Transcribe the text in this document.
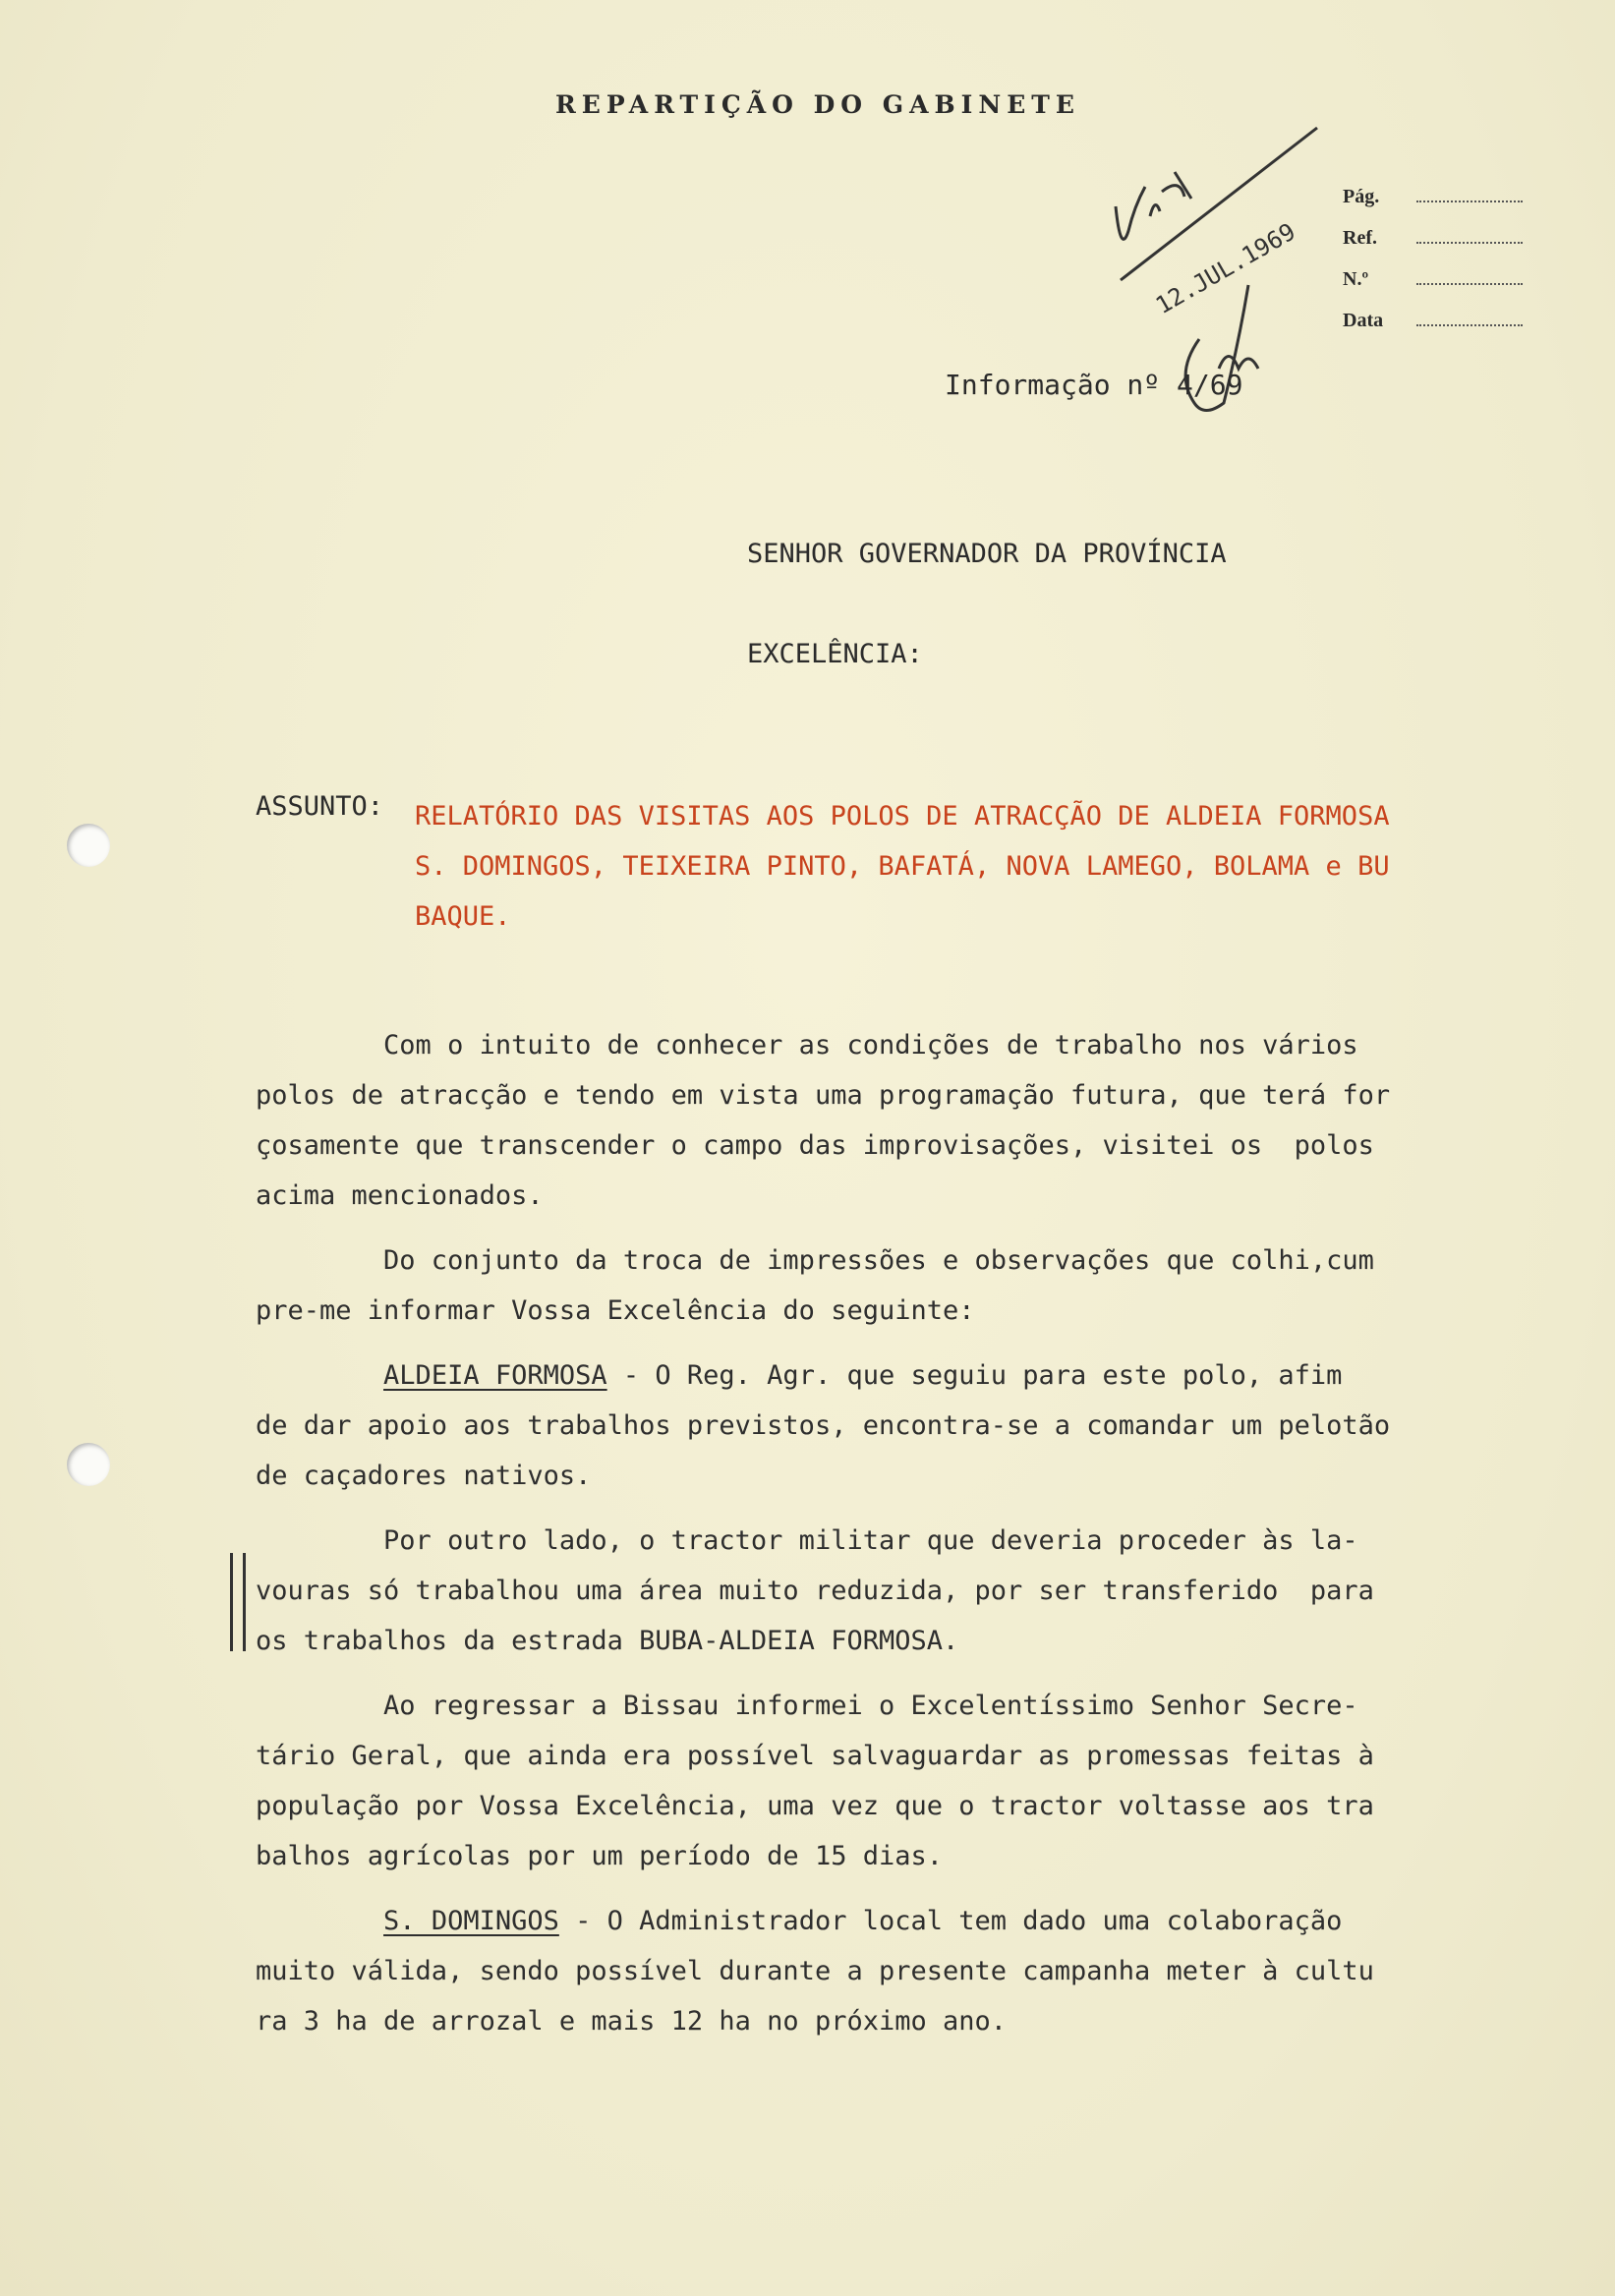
REPARTIÇÃO DO GABINETE
Pág.
Ref.
N.º
Data
12.JUL.1969
Informação nº 4/69
SENHOR GOVERNADOR DA PROVÍNCIA
EXCELÊNCIA:
ASSUNTO: RELATÓRIO DAS VISITAS AOS POLOS DE ATRACÇÃO DE ALDEIA FORMOSA
S. DOMINGOS, TEIXEIRA PINTO, BAFATÁ, NOVA LAMEGO, BOLAMA e BU
BAQUE.
Com o intuito de conhecer as condições de trabalho nos vários
polos de atracção e tendo em vista uma programação futura, que terá for
çosamente que transcender o campo das improvisações, visitei os  polos
acima mencionados.
Do conjunto da troca de impressões e observações que colhi,cum
pre-me informar Vossa Excelência do seguinte:
ALDEIA FORMOSA - O Reg. Agr. que seguiu para este polo, afim
de dar apoio aos trabalhos previstos, encontra-se a comandar um pelotão
de caçadores nativos.
Por outro lado, o tractor militar que deveria proceder às la-
vouras só trabalhou uma área muito reduzida, por ser transferido  para
os trabalhos da estrada BUBA-ALDEIA FORMOSA.
Ao regressar a Bissau informei o Excelentíssimo Senhor Secre-
tário Geral, que ainda era possível salvaguardar as promessas feitas à
população por Vossa Excelência, uma vez que o tractor voltasse aos tra
balhos agrícolas por um período de 15 dias.
S. DOMINGOS - O Administrador local tem dado uma colaboração
muito válida, sendo possível durante a presente campanha meter à cultu
ra 3 ha de arrozal e mais 12 ha no próximo ano.
